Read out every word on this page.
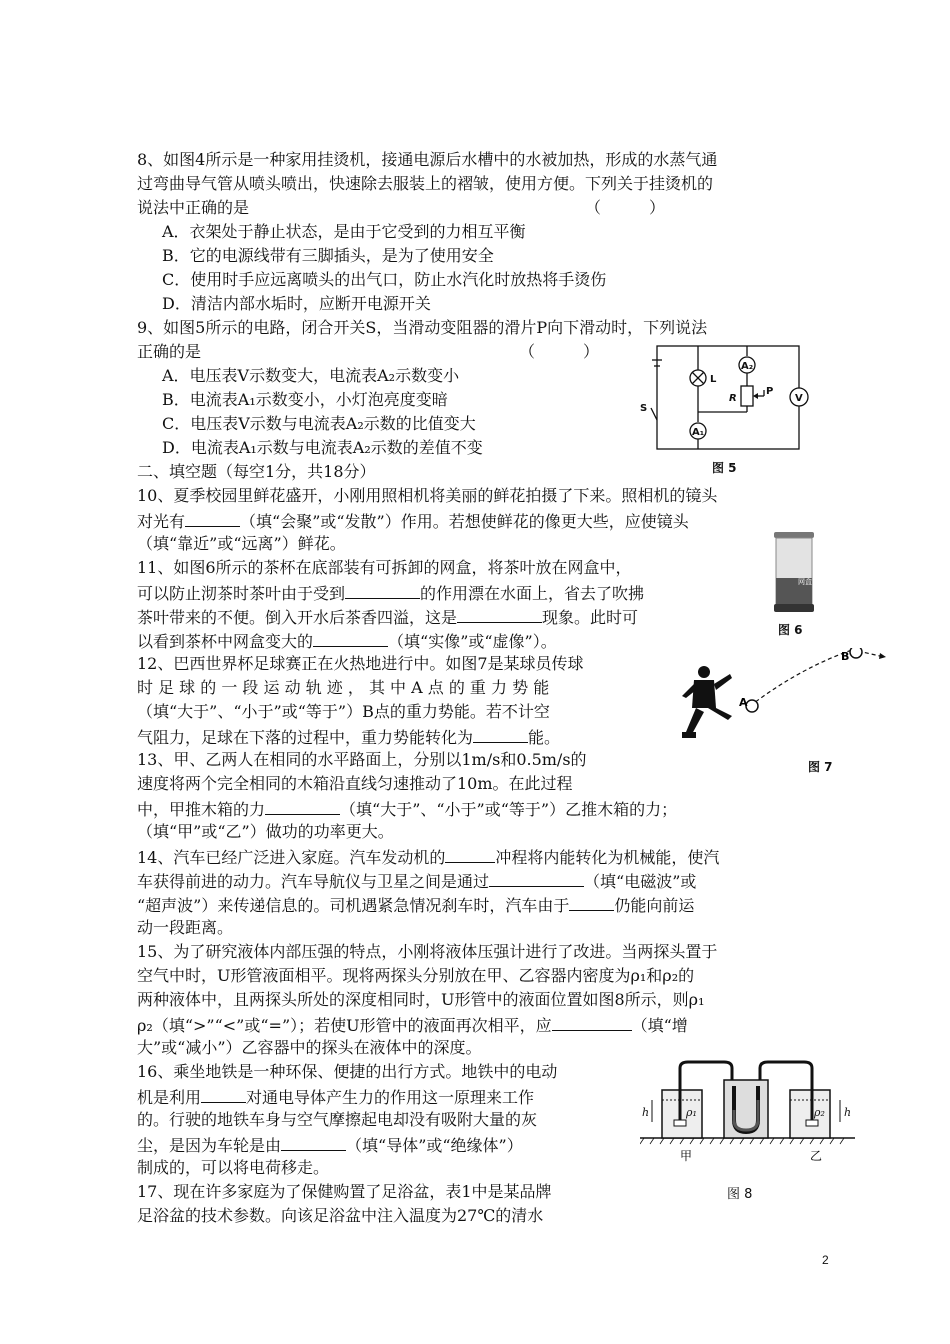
8、如图4所示是一种家用挂烫机，接通电源后水槽中的水被加热，形成的水蒸气通
过弯曲导气管从喷头喷出，快速除去服装上的褶皱，使用方便。下列关于挂烫机的
说法中正确的是	（　　　）
A．衣架处于静止状态，是由于它受到的力相互平衡
B．它的电源线带有三脚插头，是为了使用安全
C．使用时手应远离喷头的出气口，防止水汽化时放热将手烫伤
D．清洁内部水垢时，应断开电源开关
9、如图5所示的电路，闭合开关S，当滑动变阻器的滑片P向下滑动时，下列说法
正确的是	（　　　）
A．电压表V示数变大，电流表A₂示数变小
B．电流表A₁示数变小，小灯泡亮度变暗
C．电压表V示数与电流表A₂示数的比值变大
D．电流表A₁示数与电流表A₂示数的差值不变
A₂
A₁
L
R
P
V
S
图 5
二、填空题（每空1分，共18分）
10、夏季校园里鲜花盛开，小刚用照相机将美丽的鲜花拍摄了下来。照相机的镜头
对光有	（填“会聚”或“发散”）作用。若想使鲜花的像更大些，应使镜头
（填“靠近”或“远离”）鲜花。
11、如图6所示的茶杯在底部装有可拆卸的网盒，将茶叶放在网盒中，
可以防止沏茶时茶叶由于受到	的作用漂在水面上，省去了吹拂
茶叶带来的不便。倒入开水后茶香四溢，这是	现象。此时可
以看到茶杯中网盒变大的	（填“实像”或“虚像”）。
网盒
图 6
12、巴西世界杯足球赛正在火热地进行中。如图7是某球员传球
时 足 球 的 一 段 运 动 轨 迹 ， 其 中 A 点 的 重 力 势 能
（填“大于”、“小于”或“等于”）B点的重力势能。若不计空
气阻力，足球在下落的过程中，重力势能转化为	能。
A
B
图 7
13、甲、乙两人在相同的水平路面上，分别以1m/s和0.5m/s的
速度将两个完全相同的木箱沿直线匀速推动了10m。在此过程
中，甲推木箱的力	（填“大于”、“小于”或“等于”）乙推木箱的力；
（填“甲”或“乙”）做功的功率更大。
14、汽车已经广泛进入家庭。汽车发动机的	冲程将内能转化为机械能，使汽
车获得前进的动力。汽车导航仪与卫星之间是通过	（填“电磁波”或
“超声波”）来传递信息的。司机遇紧急情况刹车时，汽车由于	仍能向前运
动一段距离。
15、为了研究液体内部压强的特点，小刚将液体压强计进行了改进。当两探头置于
空气中时，U形管液面相平。现将两探头分别放在甲、乙容器内密度为ρ₁和ρ₂的
两种液体中，且两探头所处的深度相同时，U形管中的液面位置如图8所示，则ρ₁
ρ₂（填“>”“<”或“=”）；若使U形管中的液面再次相平，应	（填“增
大”或“减小”）乙容器中的探头在液体中的深度。
16、乘坐地铁是一种环保、便捷的出行方式。地铁中的电动
机是利用	对通电导体产生力的作用这一原理来工作
的。行驶的地铁车身与空气摩擦起电却没有吸附大量的灰
尘，是因为车轮是由	（填“导体”或“绝缘体”）
制成的，可以将电荷移走。
h	h
ρ₁	ρ₂
甲	乙
图 8
17、现在许多家庭为了保健购置了足浴盆，表1中是某品牌
足浴盆的技术参数。向该足浴盆中注入温度为27℃的清水
2
